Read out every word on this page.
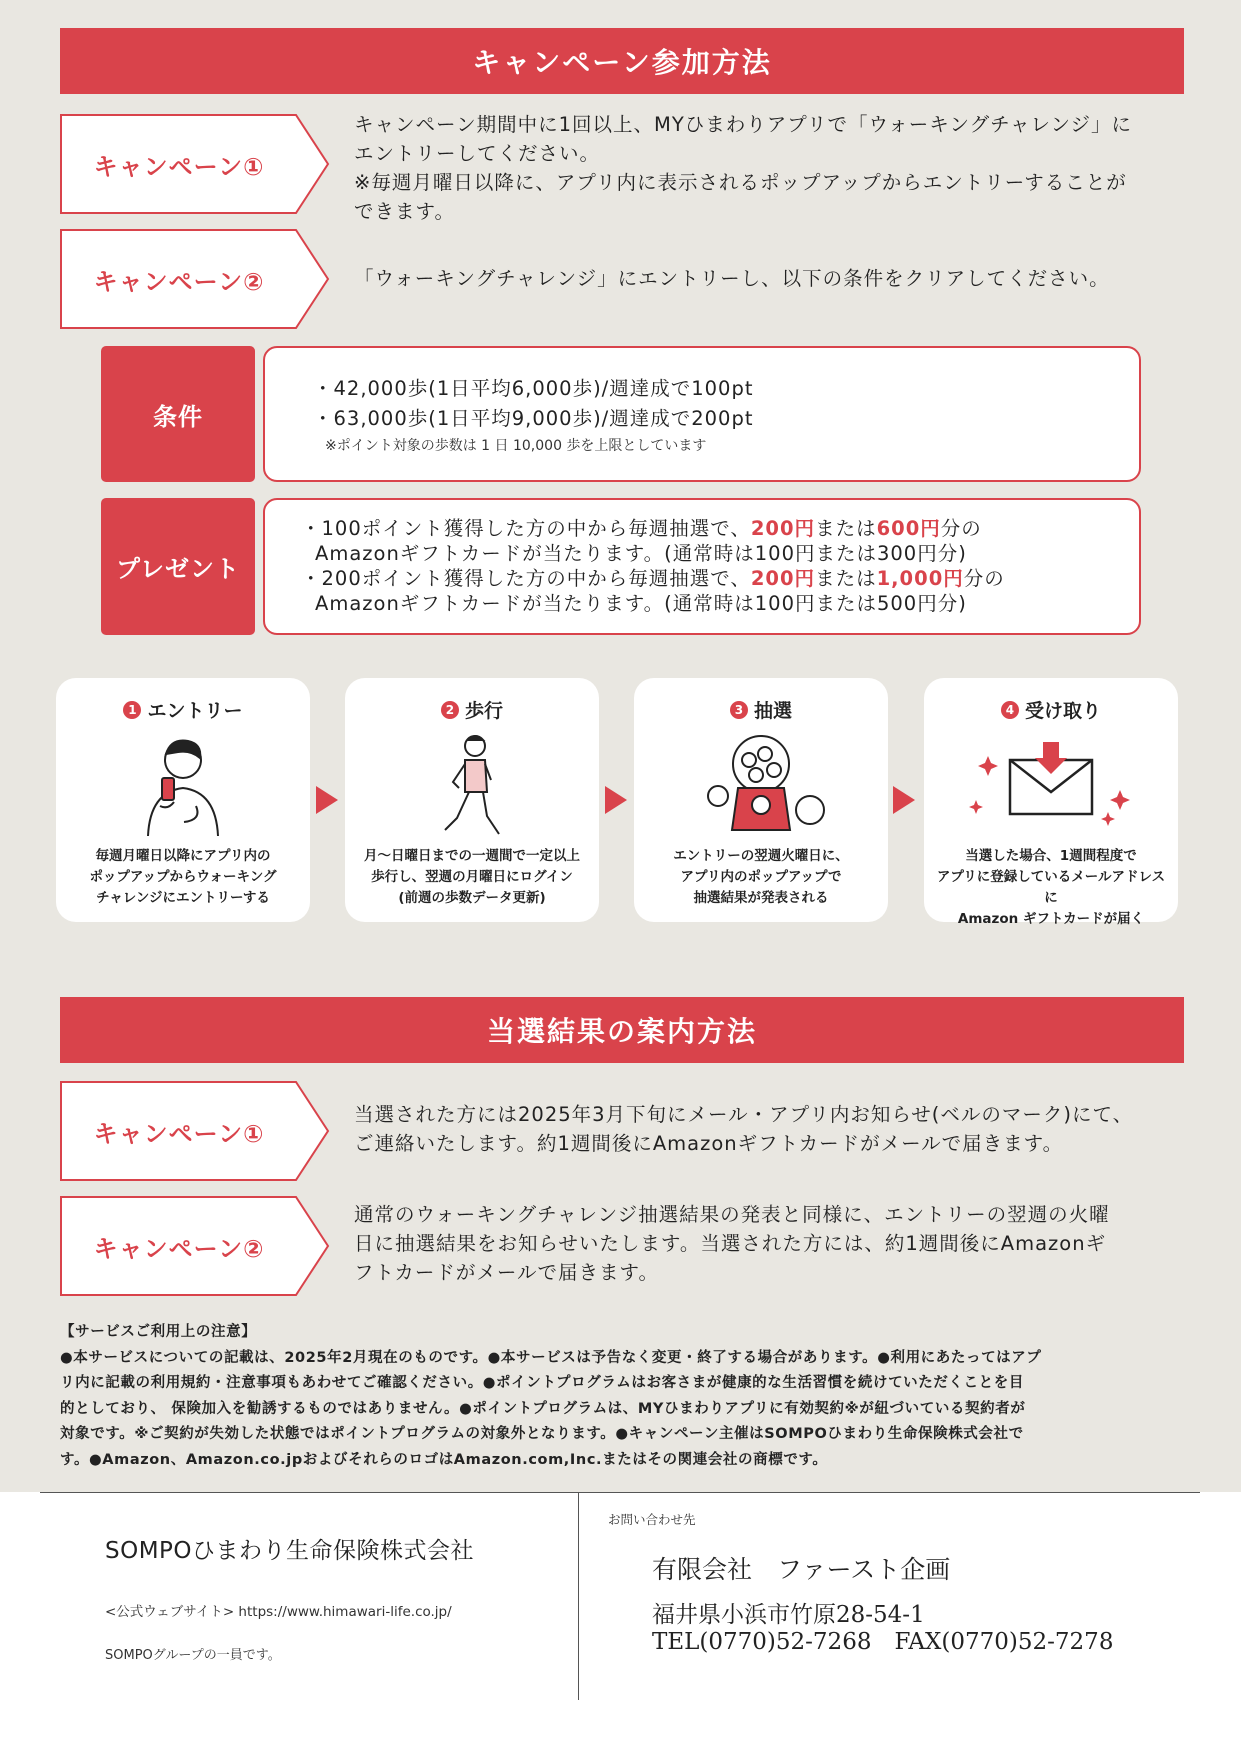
キャンペーン参加方法
キャンペーン①
キャンペーン期間中に1回以上、MYひまわりアプリで「ウォーキングチャレンジ」に
エントリーしてください。
※毎週月曜日以降に、アプリ内に表示されるポップアップからエントリーすることが
できます。
キャンペーン②	「ウォーキングチャレンジ」にエントリーし、以下の条件をクリアしてください。
条件
・42,000歩(1日平均6,000歩)/週達成で100pt
・63,000歩(1日平均9,000歩)/週達成で200pt
※ポイント対象の歩数は 1 日 10,000 歩を上限としています
プレゼント
・100ポイント獲得した方の中から毎週抽選で、200円または600円分の
Amazonギフトカードが当たります。(通常時は100円または300円分)
・200ポイント獲得した方の中から毎週抽選で、200円または1,000円分の
Amazonギフトカードが当たります。(通常時は100円または500円分)
1 エントリー
毎週月曜日以降にアプリ内の
ポップアップからウォーキング
チャレンジにエントリーする
2 歩行
月〜日曜日までの一週間で一定以上
歩行し、翌週の月曜日にログイン
(前週の歩数データ更新)
3 抽選
エントリーの翌週火曜日に、
アプリ内のポップアップで
抽選結果が発表される
4 受け取り
当選した場合、1週間程度で
アプリに登録しているメールアドレスに
Amazon ギフトカードが届く
当選結果の案内方法
キャンペーン①
当選された方には2025年3月下旬にメール・アプリ内お知らせ(ベルのマーク)にて、
ご連絡いたします。約1週間後にAmazonギフトカードがメールで届きます。
キャンペーン②
通常のウォーキングチャレンジ抽選結果の発表と同様に、エントリーの翌週の火曜
日に抽選結果をお知らせいたします。当選された方には、約1週間後にAmazonギ
フトカードがメールで届きます。
【サービスご利用上の注意】
●本サービスについての記載は、2025年2月現在のものです。●本サービスは予告なく変更・終了する場合があります。●利用にあたってはアプ
リ内に記載の利用規約・注意事項もあわせてご確認ください。●ポイントプログラムはお客さまが健康的な生活習慣を続けていただくことを目
的としており、 保険加入を勧誘するものではありません。●ポイントプログラムは、MYひまわりアプリに有効契約※が紐づいている契約者が
対象です。※ご契約が失効した状態ではポイントプログラムの対象外となります。●キャンペーン主催はSOMPOひまわり生命保険株式会社で
す。●Amazon、Amazon.co.jpおよびそれらのロゴはAmazon.com,Inc.またはその関連会社の商標です。
SOMPOひまわり生命保険株式会社
<公式ウェブサイト> https://www.himawari-life.co.jp/
SOMPOグループの一員です。
お問い合わせ先
有限会社　ファースト企画
福井県小浜市竹原28-54-1
TEL(0770)52-7268　FAX(0770)52-7278
